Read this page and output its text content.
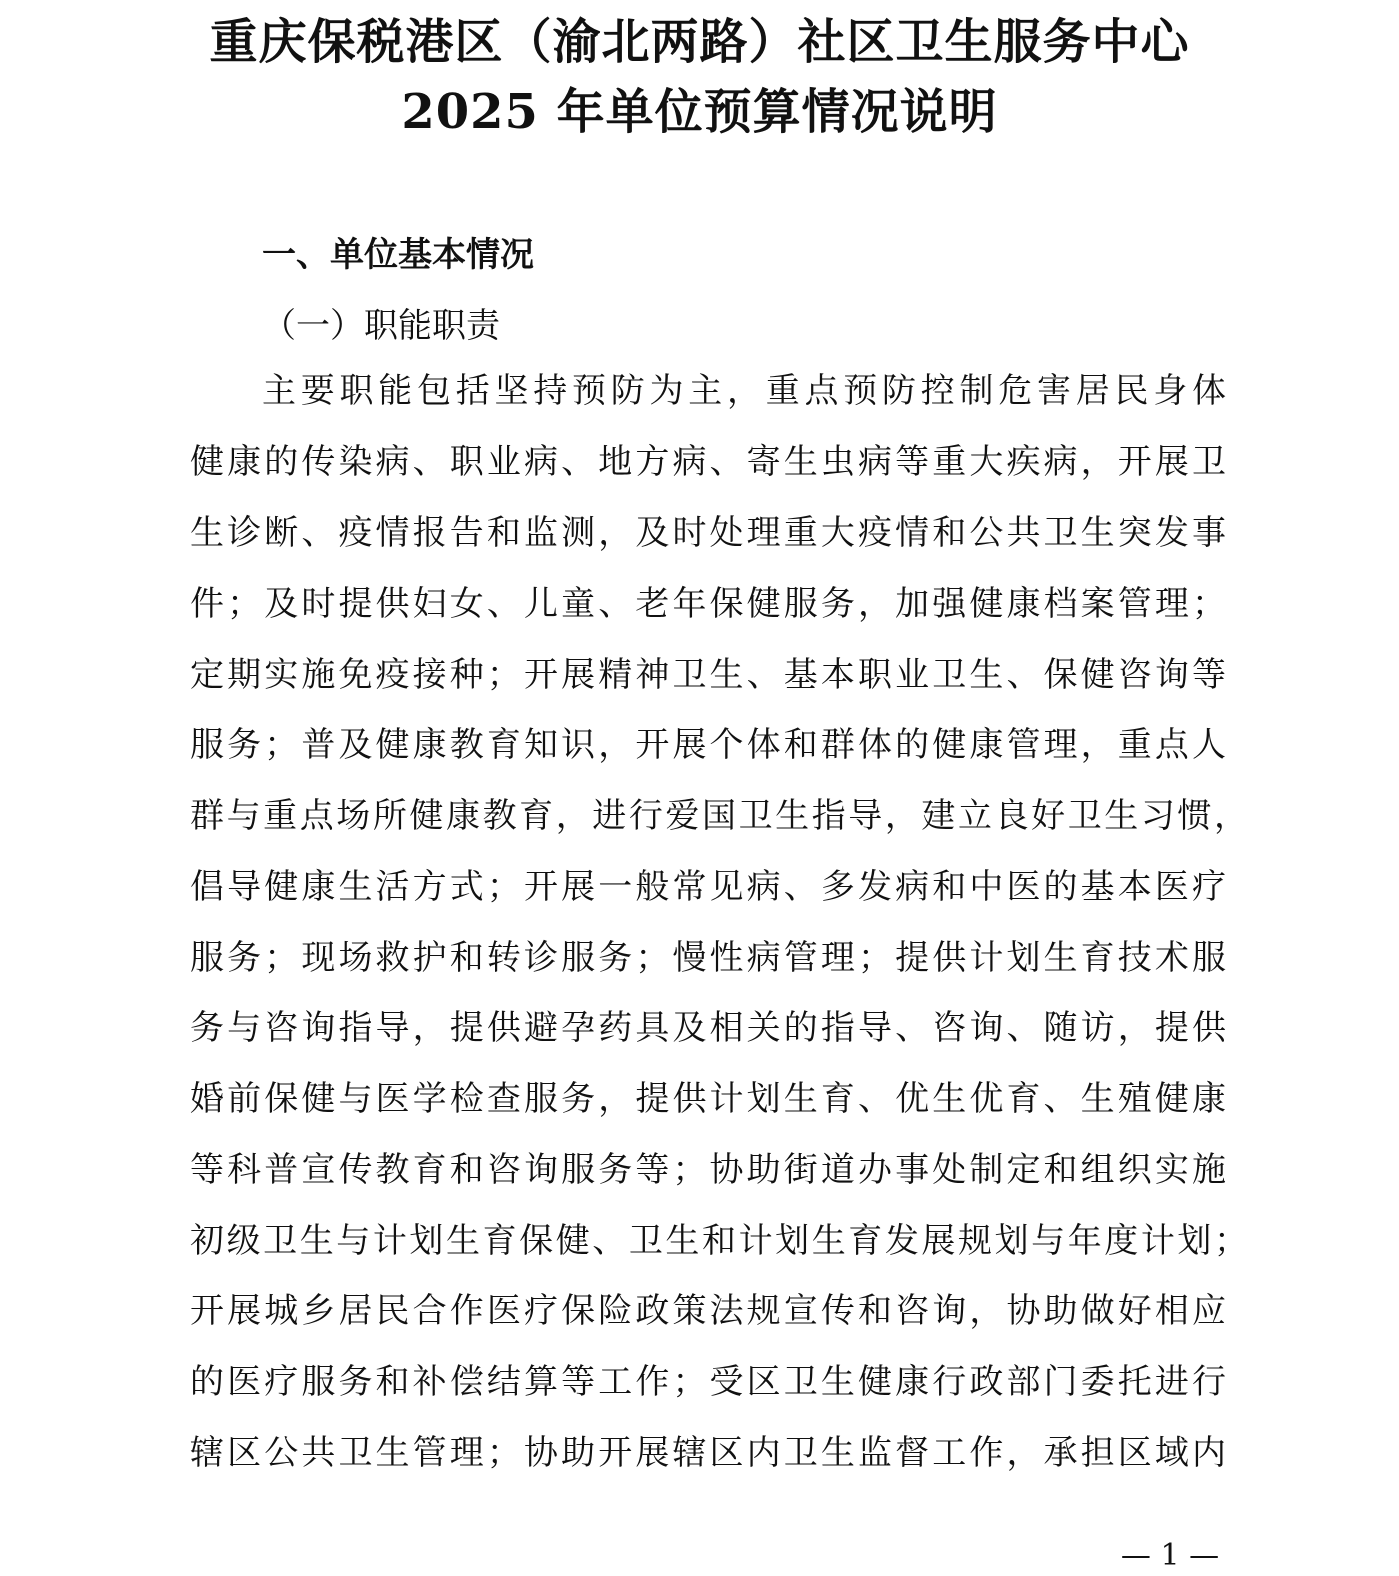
重庆保税港区（渝北两路）社区卫生服务中心
2025 年单位预算情况说明
一、单位基本情况
（一）职能职责
主要职能包括坚持预防为主，重点预防控制危害居民身体
健康的传染病、职业病、地方病、寄生虫病等重大疾病，开展卫
生诊断、疫情报告和监测，及时处理重大疫情和公共卫生突发事
件；及时提供妇女、儿童、老年保健服务，加强健康档案管理；
定期实施免疫接种；开展精神卫生、基本职业卫生、保健咨询等
服务；普及健康教育知识，开展个体和群体的健康管理，重点人
群与重点场所健康教育，进行爱国卫生指导，建立良好卫生习惯，
倡导健康生活方式；开展一般常见病、多发病和中医的基本医疗
服务；现场救护和转诊服务；慢性病管理；提供计划生育技术服
务与咨询指导，提供避孕药具及相关的指导、咨询、随访，提供
婚前保健与医学检查服务，提供计划生育、优生优育、生殖健康
等科普宣传教育和咨询服务等；协助街道办事处制定和组织实施
初级卫生与计划生育保健、卫生和计划生育发展规划与年度计划；
开展城乡居民合作医疗保险政策法规宣传和咨询，协助做好相应
的医疗服务和补偿结算等工作；受区卫生健康行政部门委托进行
辖区公共卫生管理；协助开展辖区内卫生监督工作，承担区域内
— 1 —
